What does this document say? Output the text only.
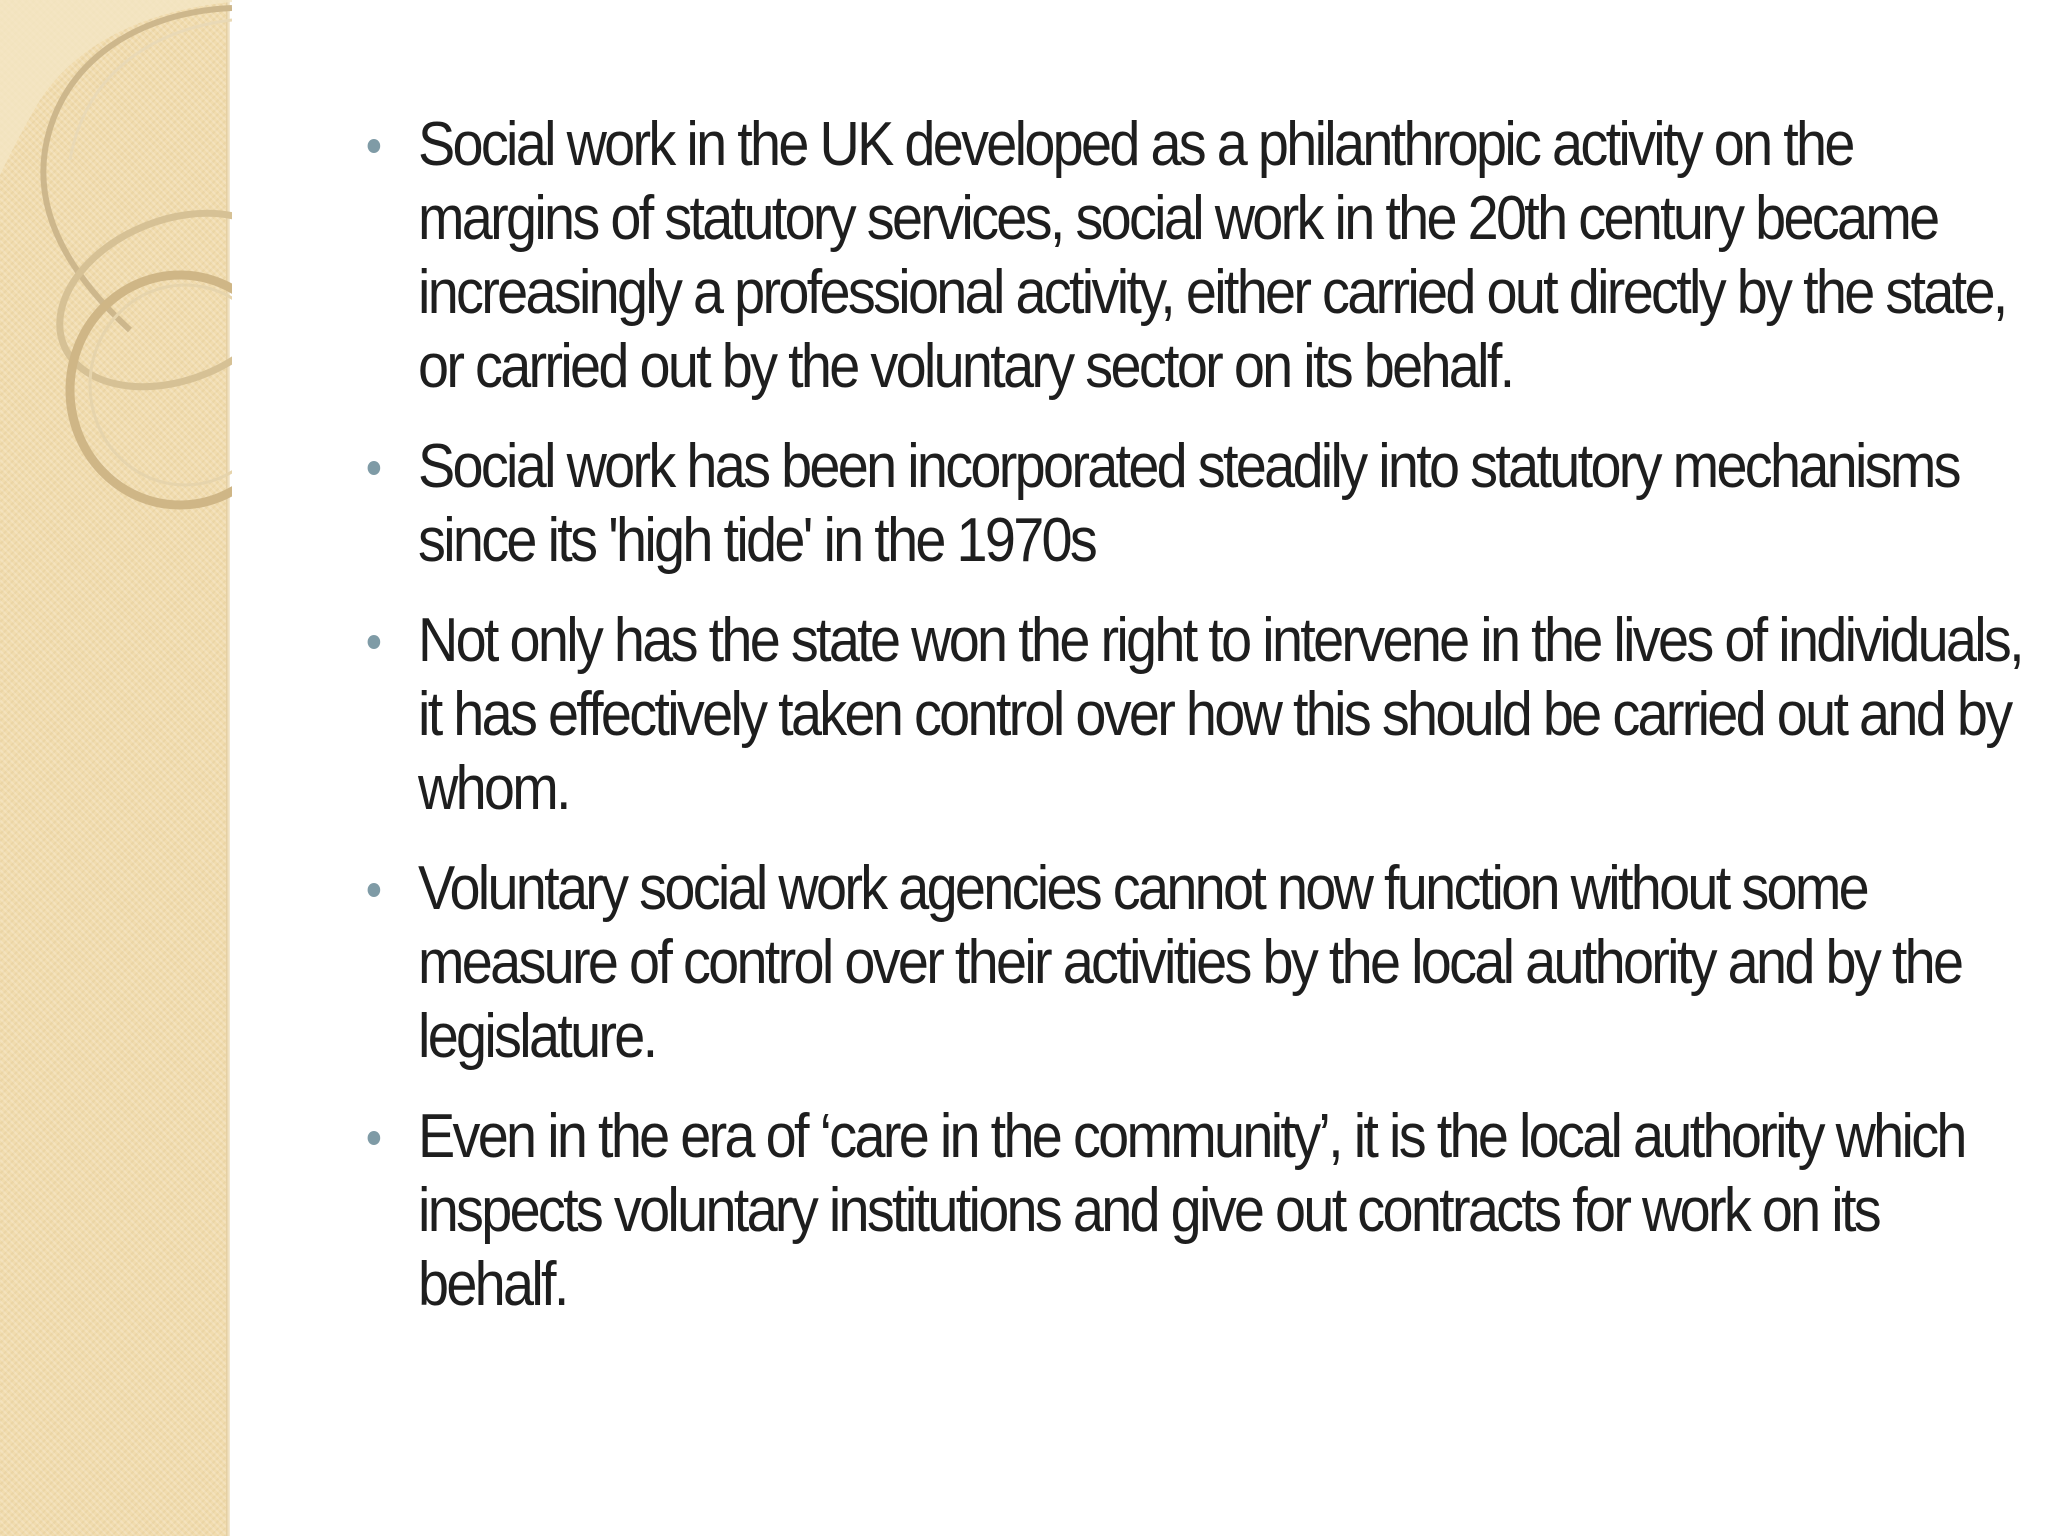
Social work in the UK developed as a philanthropic activity on the margins of statutory services, social work in the 20th century became increasingly a professional activity, either carried out directly by the state, or carried out by the voluntary sector on its behalf.
Social work has been incorporated steadily into statutory mechanisms since its 'high tide' in the 1970s
Not only has the state won the right to intervene in the lives of individuals, it has effectively taken control over how this should be carried out and by whom.
Voluntary social work agencies cannot now function without some measure of control over their activities by the local authority and by the legislature.
Even in the era of ‘care in the community’, it is the local authority which inspects voluntary institutions and give out contracts for work on its behalf.
